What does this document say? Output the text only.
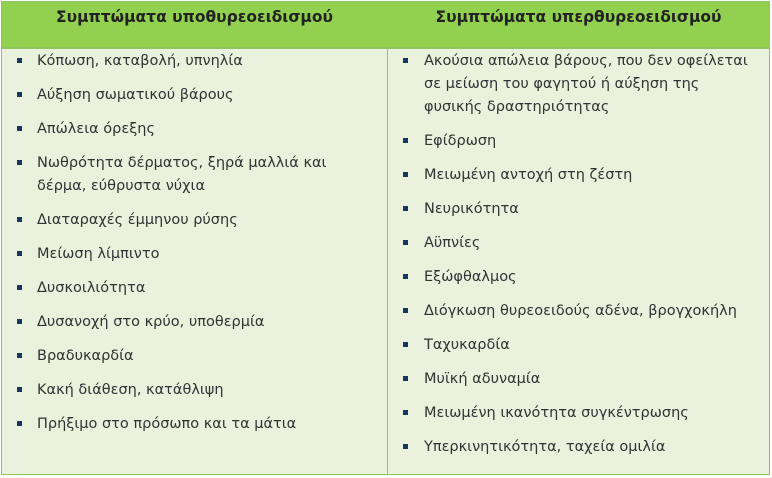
Συμπτώματα υποθυρεοειδισμού	Συμπτώματα υπερθυρεοειδισμού
Κόπωση, καταβολή, υπνηλία
Αύξηση σωματικού βάρους
Απώλεια όρεξης
Νωθρότητα δέρματος, ξηρά μαλλιά και δέρμα, εύθρυστα νύχια
Διαταραχές έμμηνου ρύσης
Μείωση λίμπιντο
Δυσκοιλιότητα
Δυσανοχή στο κρύο, υποθερμία
Βραδυκαρδία
Κακή διάθεση, κατάθλιψη
Πρήξιμο στο πρόσωπο και τα μάτια
Ακούσια απώλεια βάρους, που δεν οφείλεται σε μείωση του φαγητού ή αύξηση της φυσικής δραστηριότητας
Εφίδρωση
Μειωμένη αντοχή στη ζέστη
Νευρικότητα
Αϋπνίες
Εξώφθαλμος
Διόγκωση θυρεοειδούς αδένα, βρογχοκήλη
Ταχυκαρδία
Μυϊκή αδυναμία
Μειωμένη ικανότητα συγκέντρωσης
Υπερκινητικότητα, ταχεία ομιλία
